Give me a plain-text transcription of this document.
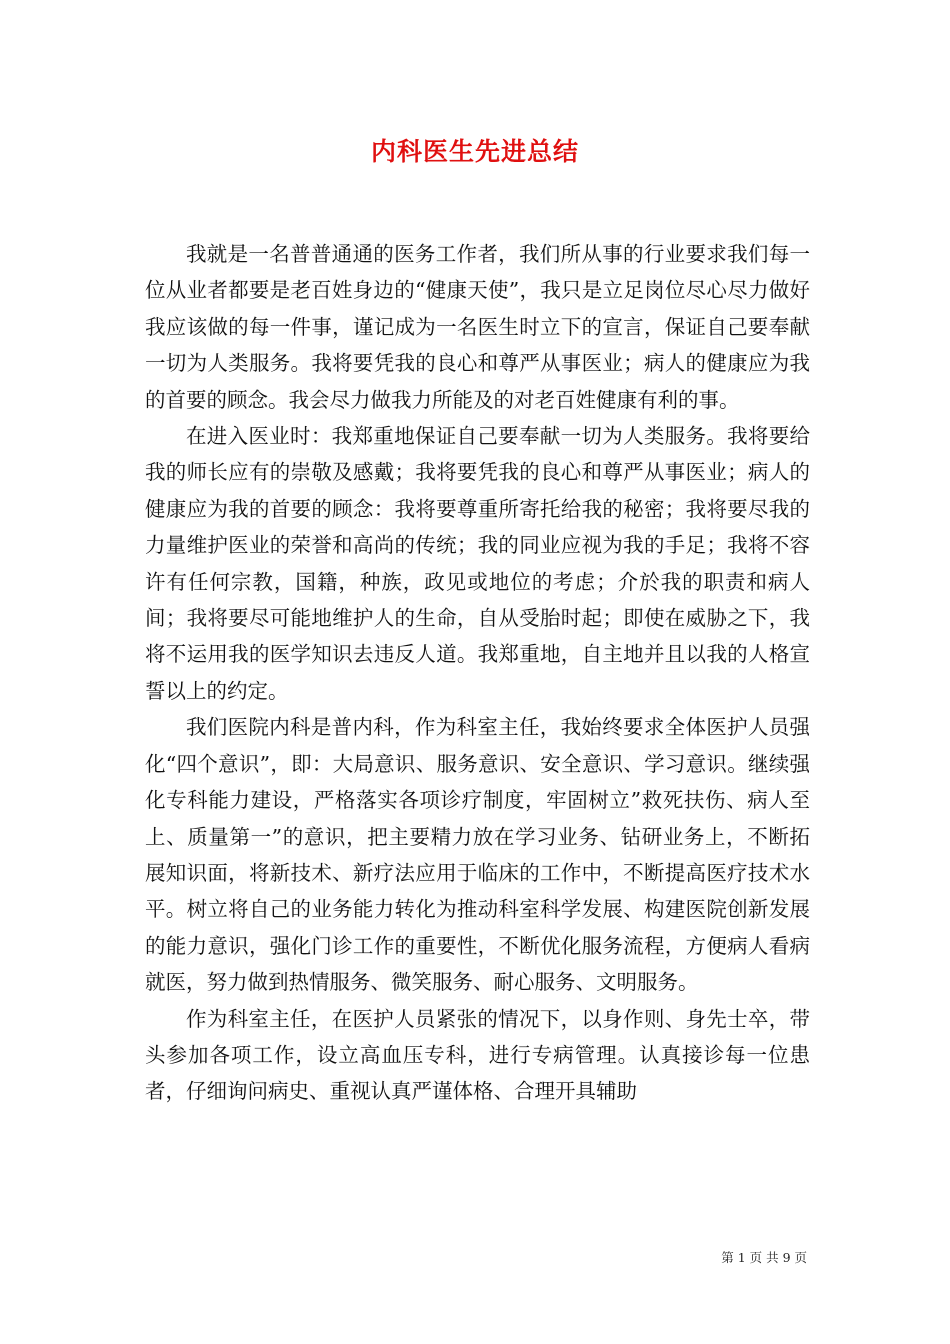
内科医生先进总结

我就是一名普普通通的医务工作者，我们所从事的行业要求我们每一位从业者都要是老百姓身边的“健康天使”，我只是立足岗位尽心尽力做好我应该做的每一件事，谨记成为一名医生时立下的宣言，保证自己要奉献一切为人类服务。我将要凭我的良心和尊严从事医业；病人的健康应为我的首要的顾念。我会尽力做我力所能及的对老百姓健康有利的事。

在进入医业时：我郑重地保证自己要奉献一切为人类服务。我将要给我的师长应有的崇敬及感戴；我将要凭我的良心和尊严从事医业；病人的健康应为我的首要的顾念：我将要尊重所寄托给我的秘密；我将要尽我的力量维护医业的荣誉和高尚的传统；我的同业应视为我的手足；我将不容许有任何宗教，国籍，种族，政见或地位的考虑；介於我的职责和病人间；我将要尽可能地维护人的生命，自从受胎时起；即使在威胁之下，我将不运用我的医学知识去违反人道。我郑重地，自主地并且以我的人格宣誓以上的约定。

我们医院内科是普内科，作为科室主任，我始终要求全体医护人员强化“四个意识”，即：大局意识、服务意识、安全意识、学习意识。继续强化专科能力建设，严格落实各项诊疗制度，牢固树立”救死扶伤、病人至上、质量第一”的意识，把主要精力放在学习业务、钻研业务上，不断拓展知识面，将新技术、新疗法应用于临床的工作中，不断提高医疗技术水平。树立将自己的业务能力转化为推动科室科学发展、构建医院创新发展的能力意识，强化门诊工作的重要性，不断优化服务流程，方便病人看病就医，努力做到热情服务、微笑服务、耐心服务、文明服务。

作为科室主任，在医护人员紧张的情况下，以身作则、身先士卒，带头参加各项工作，设立高血压专科，进行专病管理。认真接诊每一位患者，仔细询问病史、重视认真严谨体格、合理开具辅助

第 1 页 共 9 页
